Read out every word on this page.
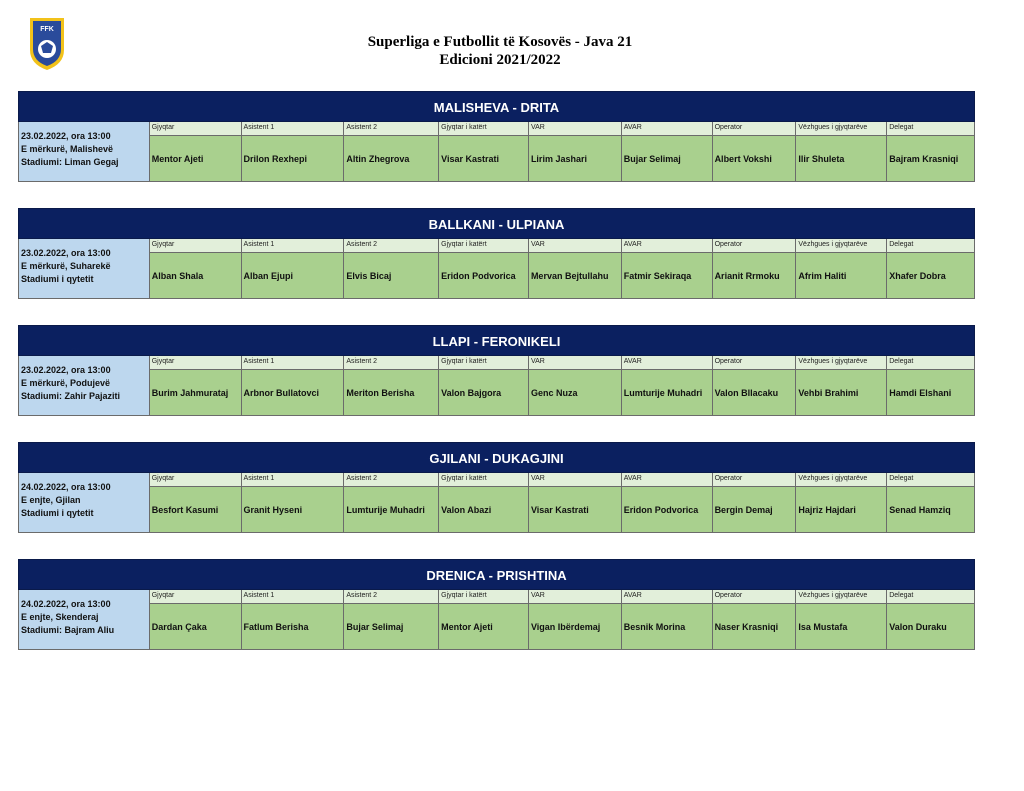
FFK
Superliga e Futbollit të Kosovës - Java 21
Edicioni 2021/2022
MALISHEVA - DRITA
23.02.2022, ora 13:00
E mërkurë, Malishevë
Stadiumi: Liman Gegaj
Gjyqtar
Mentor Ajeti
Asistent 1
Drilon Rexhepi
Asistent 2
Altin Zhegrova
Gjyqtar i katërt
Visar Kastrati
VAR
Lirim Jashari
AVAR
Bujar Selimaj
Operator
Albert Vokshi
Vëzhgues i gjyqtarëve
Ilir Shuleta
Delegat
Bajram Krasniqi
BALLKANI - ULPIANA
23.02.2022, ora 13:00
E mërkurë, Suharekë
Stadiumi i qytetit
Gjyqtar
Alban Shala
Asistent 1
Alban Ejupi
Asistent 2
Elvis Bicaj
Gjyqtar i katërt
Eridon Podvorica
VAR
Mervan Bejtullahu
AVAR
Fatmir Sekiraqa
Operator
Arianit Rrmoku
Vëzhgues i gjyqtarëve
Afrim Haliti
Delegat
Xhafer Dobra
LLAPI - FERONIKELI
23.02.2022, ora 13:00
E mërkurë, Podujevë
Stadiumi: Zahir Pajaziti
Gjyqtar
Burim Jahmurataj
Asistent 1
Arbnor Bullatovci
Asistent 2
Meriton Berisha
Gjyqtar i katërt
Valon Bajgora
VAR
Genc Nuza
AVAR
Lumturije Muhadri
Operator
Valon Bllacaku
Vëzhgues i gjyqtarëve
Vehbi Brahimi
Delegat
Hamdi Elshani
GJILANI - DUKAGJINI
24.02.2022, ora 13:00
E enjte, Gjilan
Stadiumi i qytetit
Gjyqtar
Besfort Kasumi
Asistent 1
Granit Hyseni
Asistent 2
Lumturije Muhadri
Gjyqtar i katërt
Valon Abazi
VAR
Visar Kastrati
AVAR
Eridon Podvorica
Operator
Bergin Demaj
Vëzhgues i gjyqtarëve
Hajriz Hajdari
Delegat
Senad Hamziq
DRENICA - PRISHTINA
24.02.2022, ora 13:00
E enjte, Skenderaj
Stadiumi: Bajram Aliu
Gjyqtar
Dardan Çaka
Asistent 1
Fatlum Berisha
Asistent 2
Bujar Selimaj
Gjyqtar i katërt
Mentor Ajeti
VAR
Vigan Ibërdemaj
AVAR
Besnik Morina
Operator
Naser Krasniqi
Vëzhgues i gjyqtarëve
Isa Mustafa
Delegat
Valon Duraku
